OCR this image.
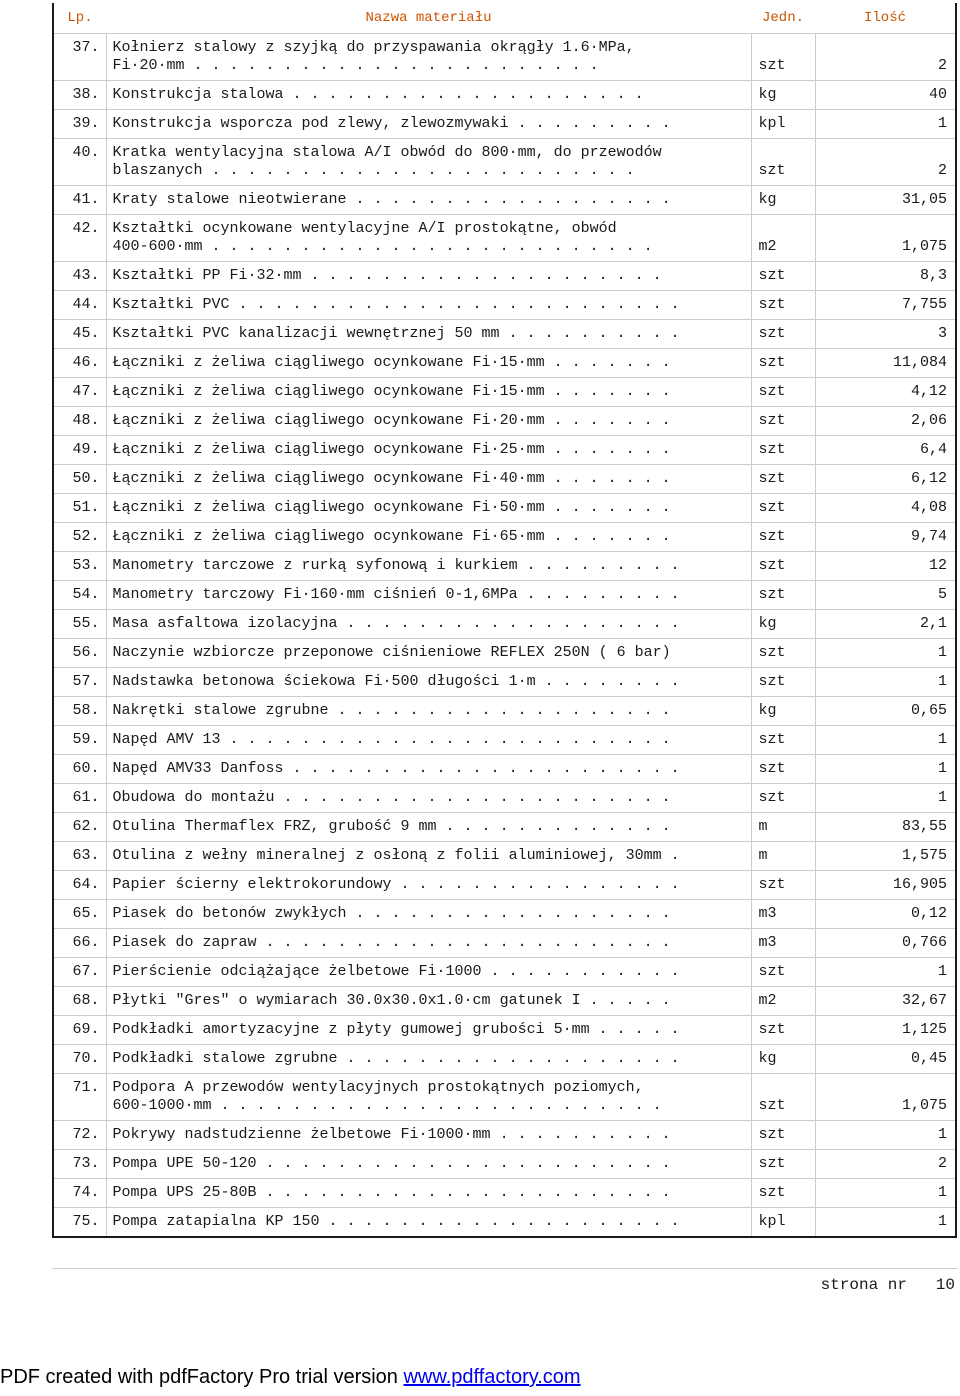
Lp.	Nazwa materiału	Jedn.	Ilość
37.	Kołnierz stalowy z szyjką do przyspawania okrągły 1.6·MPa,
Fi·20·mm . . . . . . . . . . . . . . . . . . . . . . .	szt	2
38.	Konstrukcja stalowa . . . . . . . . . . . . . . . . . . . .	kg	40
39.	Konstrukcja wsporcza pod zlewy, zlewozmywaki . . . . . . . . .	kpl	1
40.	Kratka wentylacyjna stalowa A/I obwód do 800·mm, do przewodów
blaszanych . . . . . . . . . . . . . . . . . . . . . . . .	szt	2
41.	Kraty stalowe nieotwierane . . . . . . . . . . . . . . . . . .	kg	31,05
42.	Kształtki ocynkowane wentylacyjne A/I prostokątne, obwód
400-600·mm . . . . . . . . . . . . . . . . . . . . . . . . .	m2	1,075
43.	Kształtki PP Fi·32·mm . . . . . . . . . . . . . . . . . . . .	szt	8,3
44.	Kształtki PVC . . . . . . . . . . . . . . . . . . . . . . . . .	szt	7,755
45.	Kształtki PVC kanalizacji wewnętrznej 50 mm . . . . . . . . . .	szt	3
46.	Łączniki z żeliwa ciągliwego ocynkowane Fi·15·mm . . . . . . .	szt	11,084
47.	Łączniki z żeliwa ciągliwego ocynkowane Fi·15·mm . . . . . . .	szt	4,12
48.	Łączniki z żeliwa ciągliwego ocynkowane Fi·20·mm . . . . . . .	szt	2,06
49.	Łączniki z żeliwa ciągliwego ocynkowane Fi·25·mm . . . . . . .	szt	6,4
50.	Łączniki z żeliwa ciągliwego ocynkowane Fi·40·mm . . . . . . .	szt	6,12
51.	Łączniki z żeliwa ciągliwego ocynkowane Fi·50·mm . . . . . . .	szt	4,08
52.	Łączniki z żeliwa ciągliwego ocynkowane Fi·65·mm . . . . . . .	szt	9,74
53.	Manometry tarczowe z rurką syfonową i kurkiem . . . . . . . . .	szt	12
54.	Manometry tarczowy Fi·160·mm ciśnień 0-1,6MPa . . . . . . . . .	szt	5
55.	Masa asfaltowa izolacyjna . . . . . . . . . . . . . . . . . . .	kg	2,1
56.	Naczynie wzbiorcze przeponowe ciśnieniowe REFLEX 250N ( 6 bar)	szt	1
57.	Nadstawka betonowa ściekowa Fi·500 długości 1·m . . . . . . . .	szt	1
58.	Nakrętki stalowe zgrubne . . . . . . . . . . . . . . . . . . .	kg	0,65
59.	Napęd AMV 13 . . . . . . . . . . . . . . . . . . . . . . . . .	szt	1
60.	Napęd AMV33 Danfoss . . . . . . . . . . . . . . . . . . . . . .	szt	1
61.	Obudowa do montażu . . . . . . . . . . . . . . . . . . . . . .	szt	1
62.	Otulina Thermaflex FRZ, grubość 9 mm . . . . . . . . . . . . .	m	83,55
63.	Otulina z wełny mineralnej z osłoną z folii aluminiowej, 30mm .	m	1,575
64.	Papier ścierny elektrokorundowy . . . . . . . . . . . . . . . .	szt	16,905
65.	Piasek do betonów zwykłych . . . . . . . . . . . . . . . . . .	m3	0,12
66.	Piasek do zapraw . . . . . . . . . . . . . . . . . . . . . . .	m3	0,766
67.	Pierścienie odciążające żelbetowe Fi·1000 . . . . . . . . . . .	szt	1
68.	Płytki "Gres" o wymiarach 30.0x30.0x1.0·cm gatunek I . . . . .	m2	32,67
69.	Podkładki amortyzacyjne z płyty gumowej grubości 5·mm . . . . .	szt	1,125
70.	Podkładki stalowe zgrubne . . . . . . . . . . . . . . . . . . .	kg	0,45
71.	Podpora A przewodów wentylacyjnych prostokątnych poziomych,
600-1000·mm . . . . . . . . . . . . . . . . . . . . . . . . .	szt	1,075
72.	Pokrywy nadstudzienne żelbetowe Fi·1000·mm . . . . . . . . . .	szt	1
73.	Pompa UPE 50-120 . . . . . . . . . . . . . . . . . . . . . . .	szt	2
74.	Pompa UPS 25-80B . . . . . . . . . . . . . . . . . . . . . . .	szt	1
75.	Pompa zatapialna KP 150 . . . . . . . . . . . . . . . . . . . .	kpl	1
strona nr 10
PDF created with pdfFactory Pro trial version www.pdffactory.com
